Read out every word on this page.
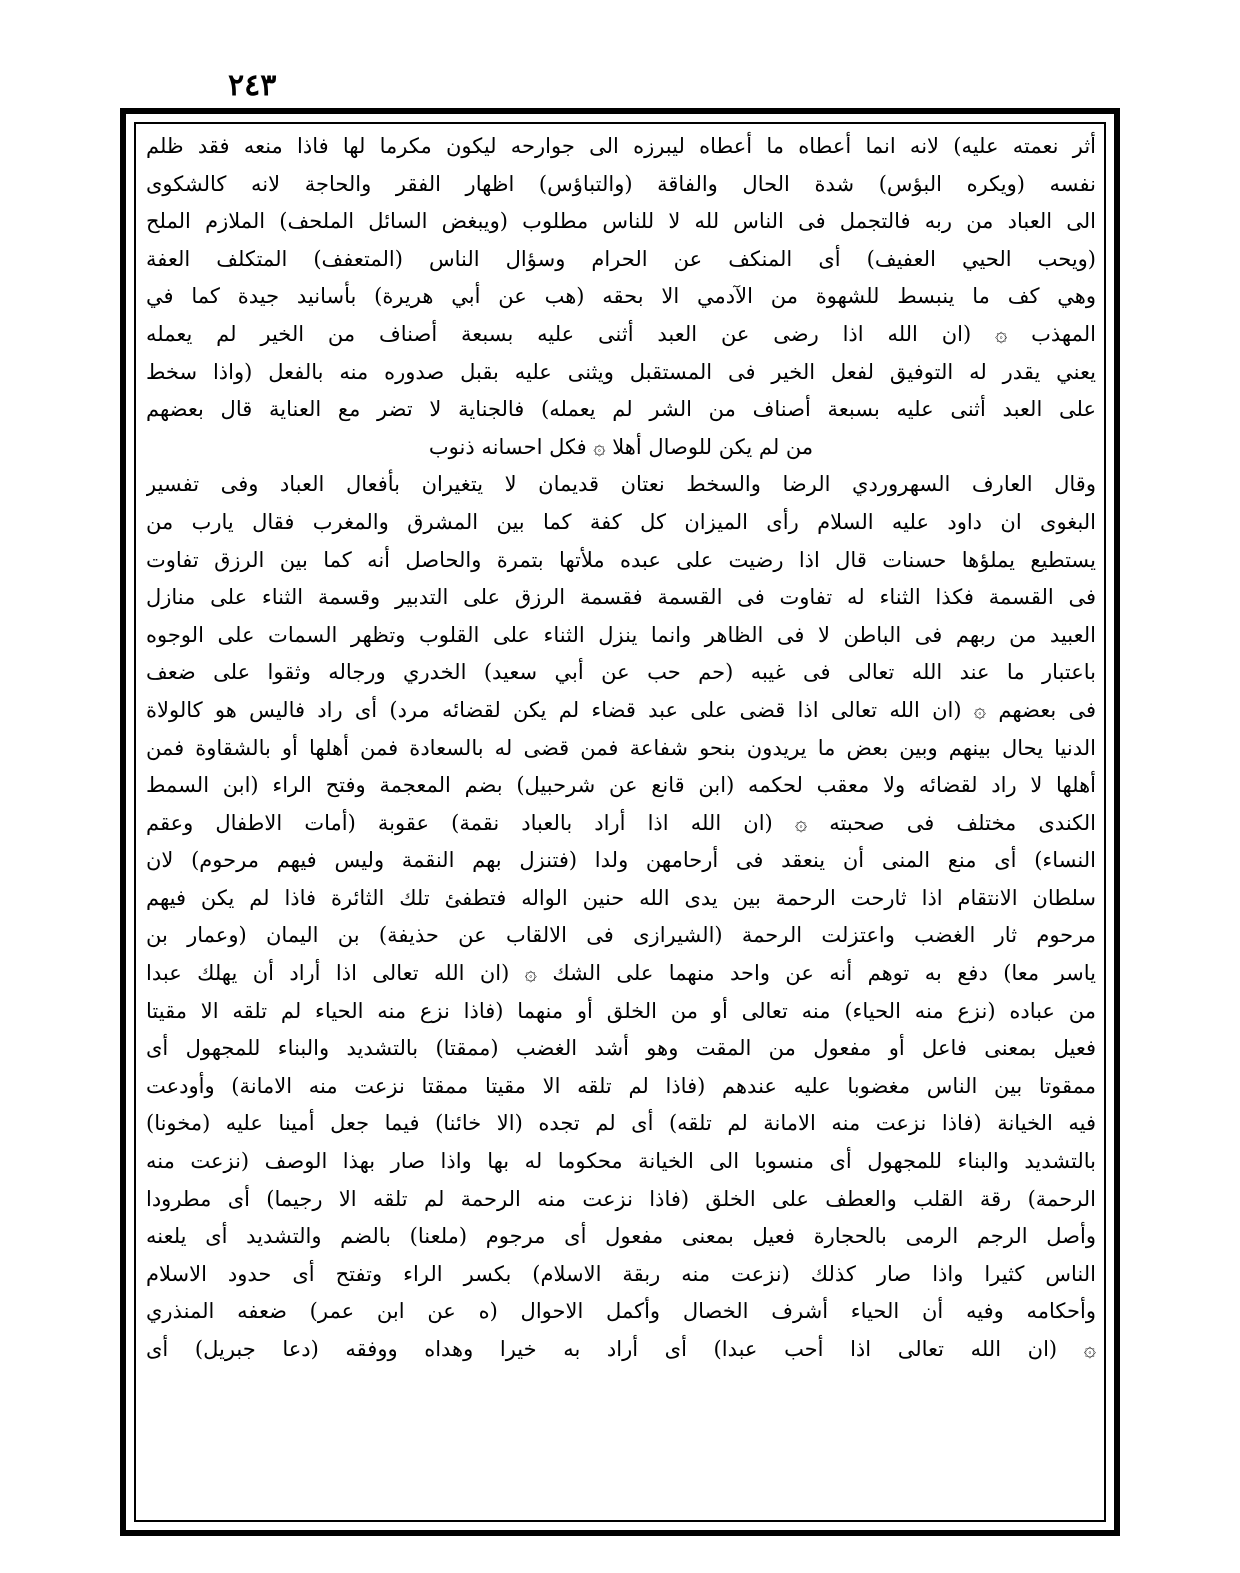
٢٤٣
أثر نعمته عليه) لانه انما أعطاه ما أعطاه ليبرزه الى جوارحه ليكون مكرما لها فاذا منعه فقد ظلم
نفسه (ويكره البؤس) شدة الحال والفاقة (والتباؤس) اظهار الفقر والحاجة لانه كالشكوى
الى العباد من ربه فالتجمل فى الناس لله لا للناس مطلوب (ويبغض السائل الملحف) الملازم الملح
(ويحب الحيي العفيف) أى المنكف عن الحرام وسؤال الناس (المتعفف) المتكلف العفة
وهي كف ما ينبسط للشهوة من الآدمي الا بحقه (هب عن أبي هريرة) بأسانيد جيدة كما في
المهذب ۞ (ان الله اذا رضى عن العبد أثنى عليه بسبعة أصناف من الخير لم يعمله
يعني يقدر له التوفيق لفعل الخير فى المستقبل ويثنى عليه بقبل صدوره منه بالفعل (واذا سخط
على العبد أثنى عليه بسبعة أصناف من الشر لم يعمله) فالجناية لا تضر مع العناية قال بعضهم
من لم يكن للوصال أهلا ۞ فكل احسانه ذنوب
وقال العارف السهروردي الرضا والسخط نعتان قديمان لا يتغيران بأفعال العباد وفى تفسير
البغوى ان داود عليه السلام رأى الميزان كل كفة كما بين المشرق والمغرب فقال يارب من
يستطيع يملؤها حسنات قال اذا رضيت على عبده ملأتها بتمرة والحاصل أنه كما بين الرزق تفاوت
فى القسمة فكذا الثناء له تفاوت فى القسمة فقسمة الرزق على التدبير وقسمة الثناء على منازل
العبيد من ربهم فى الباطن لا فى الظاهر وانما ينزل الثناء على القلوب وتظهر السمات على الوجوه
باعتبار ما عند الله تعالى فى غيبه (حم حب عن أبي سعيد) الخدري ورجاله وثقوا على ضعف
فى بعضهم ۞ (ان الله تعالى اذا قضى على عبد قضاء لم يكن لقضائه مرد) أى راد فاليس هو كالولاة
الدنيا يحال بينهم وبين بعض ما يريدون بنحو شفاعة فمن قضى له بالسعادة فمن أهلها أو بالشقاوة فمن
أهلها لا راد لقضائه ولا معقب لحكمه (ابن قانع عن شرحبيل) بضم المعجمة وفتح الراء (ابن السمط
الكندى مختلف فى صحبته ۞ (ان الله اذا أراد بالعباد نقمة) عقوبة (أمات الاطفال وعقم
النساء) أى منع المنى أن ينعقد فى أرحامهن ولدا (فتنزل بهم النقمة وليس فيهم مرحوم) لان
سلطان الانتقام اذا ثارحت الرحمة بين يدى الله حنين الواله فتطفئ تلك الثائرة فاذا لم يكن فيهم
مرحوم ثار الغضب واعتزلت الرحمة (الشيرازى فى الالقاب عن حذيفة) بن اليمان (وعمار بن
ياسر معا) دفع به توهم أنه عن واحد منهما على الشك ۞ (ان الله تعالى اذا أراد أن يهلك عبدا
من عباده (نزع منه الحياء) منه تعالى أو من الخلق أو منهما (فاذا نزع منه الحياء لم تلقه الا مقيتا
فعيل بمعنى فاعل أو مفعول من المقت وهو أشد الغضب (ممقتا) بالتشديد والبناء للمجهول أى
ممقوتا بين الناس مغضوبا عليه عندهم (فاذا لم تلقه الا مقيتا ممقتا نزعت منه الامانة) وأودعت
فيه الخيانة (فاذا نزعت منه الامانة لم تلقه) أى لم تجده (الا خائنا) فيما جعل أمينا عليه (مخونا)
بالتشديد والبناء للمجهول أى منسوبا الى الخيانة محكوما له بها واذا صار بهذا الوصف (نزعت منه
الرحمة) رقة القلب والعطف على الخلق (فاذا نزعت منه الرحمة لم تلقه الا رجيما) أى مطرودا
وأصل الرجم الرمى بالحجارة فعيل بمعنى مفعول أى مرجوم (ملعنا) بالضم والتشديد أى يلعنه
الناس كثيرا واذا صار كذلك (نزعت منه ربقة الاسلام) بكسر الراء وتفتح أى حدود الاسلام
وأحكامه وفيه أن الحياء أشرف الخصال وأكمل الاحوال (ه عن ابن عمر) ضعفه المنذري
۞ (ان الله تعالى اذا أحب عبدا) أى أراد به خيرا وهداه ووفقه (دعا جبريل) أى
